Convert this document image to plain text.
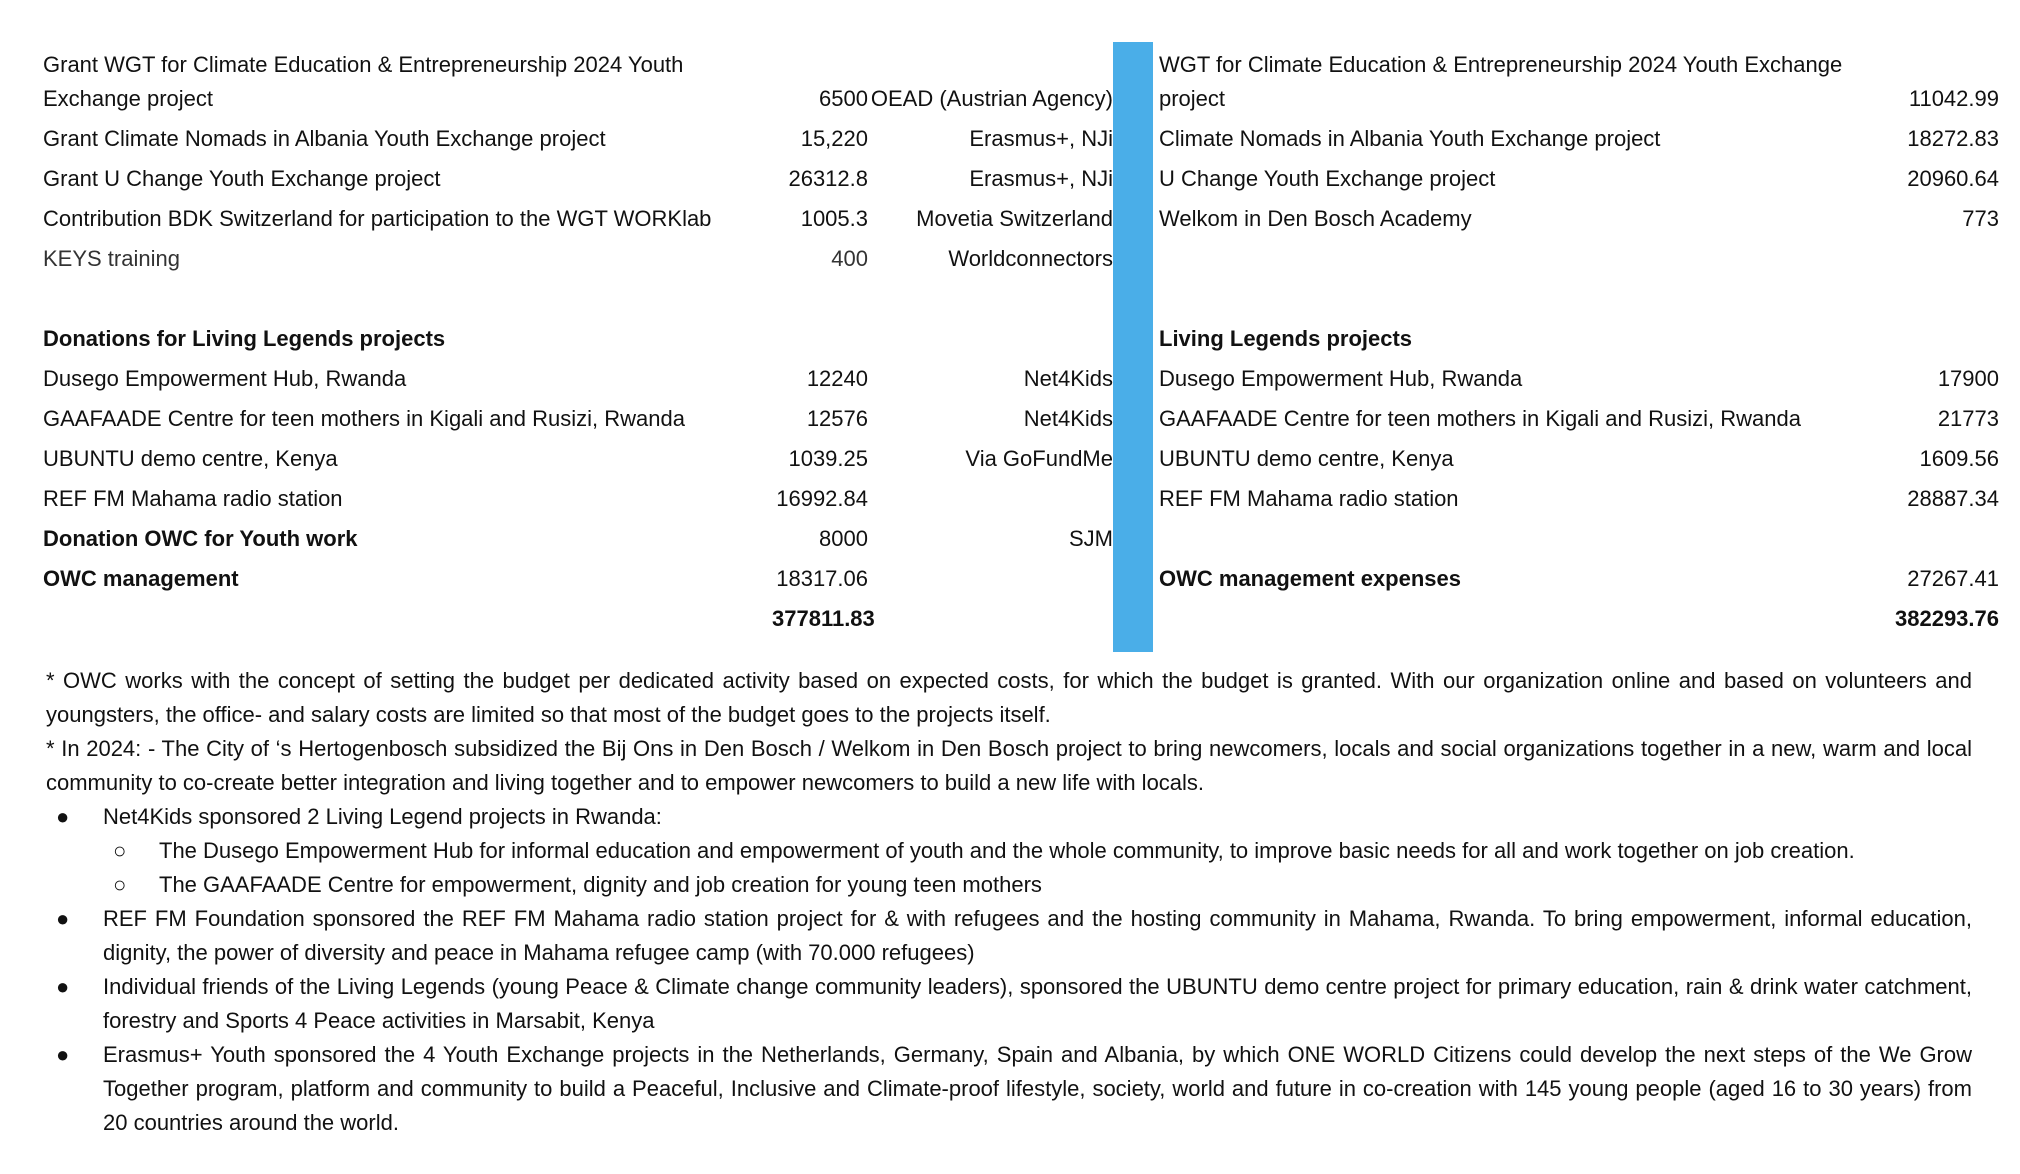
Grant WGT for Climate Education & Entrepreneurship 2024 Youth Exchange project	6500	OEAD (Austrian Agency)		WGT for Climate Education & Entrepreneurship 2024 Youth Exchange project	11042.99
Grant Climate Nomads in Albania Youth Exchange project	15,220	Erasmus+, NJi		Climate Nomads in Albania Youth Exchange project	18272.83
Grant U Change Youth Exchange project	26312.8	Erasmus+, NJi		U Change Youth Exchange project	20960.64
Contribution BDK Switzerland for participation to the WGT WORKlab	1005.3	Movetia Switzerland		Welkom in Den Bosch Academy	773
KEYS training	400	Worldconnectors			

Donations for Living Legends projects				Living Legends projects	
Dusego Empowerment Hub, Rwanda	12240	Net4Kids		Dusego Empowerment Hub, Rwanda	17900
GAAFAADE Centre for teen mothers in Kigali and Rusizi, Rwanda	12576	Net4Kids		GAAFAADE Centre for teen mothers in Kigali and Rusizi, Rwanda	21773
UBUNTU demo centre, Kenya	1039.25	Via GoFundMe		UBUNTU demo centre, Kenya	1609.56
REF FM Mahama radio station	16992.84			REF FM Mahama radio station	28887.34
Donation OWC for Youth work	8000	SJM			
OWC management	18317.06			OWC management expenses	27267.41
	377811.83				382293.76

* OWC works with the concept of setting the budget per dedicated activity based on expected costs, for which the budget is granted. With our organization online and based on volunteers and youngsters, the office- and salary costs are limited so that most of the budget goes to the projects itself.

* In 2024: - The City of ‘s Hertogenbosch subsidized the Bij Ons in Den Bosch / Welkom in Den Bosch project to bring newcomers, locals and social organizations together in a new, warm and local community to co-create better integration and living together and to empower newcomers to build a new life with locals.

● Net4Kids sponsored 2 Living Legend projects in Rwanda:
○ The Dusego Empowerment Hub for informal education and empowerment of youth and the whole community, to improve basic needs for all and work together on job creation.
○ The GAAFAADE Centre for empowerment, dignity and job creation for young teen mothers
● REF FM Foundation sponsored the REF FM Mahama radio station project for & with refugees and the hosting community in Mahama, Rwanda. To bring empowerment, informal education, dignity, the power of diversity and peace in Mahama refugee camp (with 70.000 refugees)
● Individual friends of the Living Legends (young Peace & Climate change community leaders), sponsored the UBUNTU demo centre project for primary education, rain & drink water catchment, forestry and Sports 4 Peace activities in Marsabit, Kenya
● Erasmus+ Youth sponsored the 4 Youth Exchange projects in the Netherlands, Germany, Spain and Albania, by which ONE WORLD Citizens could develop the next steps of the We Grow Together program, platform and community to build a Peaceful, Inclusive and Climate-proof lifestyle, society, world and future in co-creation with 145 young people (aged 16 to 30 years) from 20 countries around the world.
